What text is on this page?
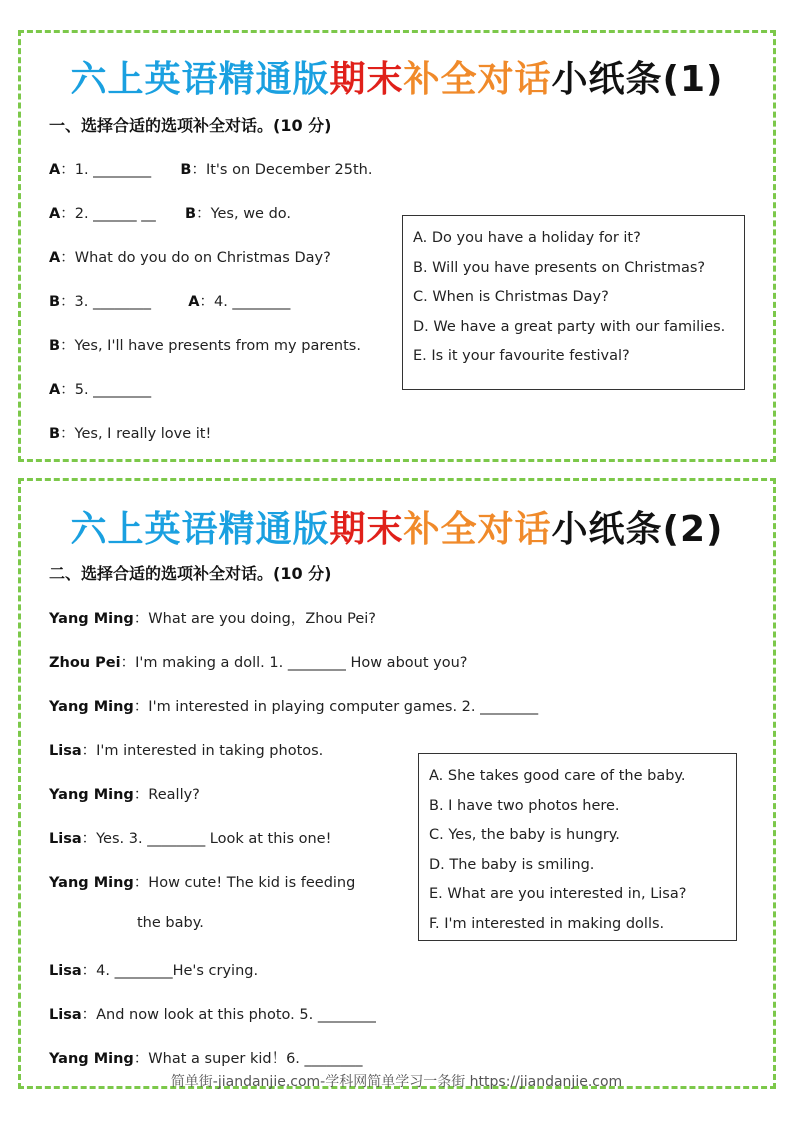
六上英语精通版期末补全对话小纸条(1)
一、选择合适的选项补全对话。(10 分)
A：1. ________ B：It's on December 25th.
A：2. ______ __ B：Yes, we do.
A：What do you do on Christmas Day?
B：3. ________	A：4. ________
B：Yes, I'll have presents from my parents.
A：5. ________
B：Yes, I really love it!
A. Do you have a holiday for it?
B. Will you have presents on Christmas?
C. When is Christmas Day?
D. We have a great party with our families.
E. Is it your favourite festival?
六上英语精通版期末补全对话小纸条(2)
二、选择合适的选项补全对话。(10 分)
Yang Ming：What are you doing，Zhou Pei?
Zhou Pei：I'm making a doll. 1. ________ How about you?
Yang Ming：I'm interested in playing computer games. 2. ________
Lisa：I'm interested in taking photos.
Yang Ming：Really?
Lisa：Yes. 3. ________ Look at this one!
Yang Ming：How cute! The kid is feeding
the baby.
Lisa：4. ________He's crying.
Lisa：And now look at this photo. 5. ________
Yang Ming：What a super kid！6. ________
A. She takes good care of the baby.
B. I have two photos here.
C. Yes, the baby is hungry.
D. The baby is smiling.
E. What are you interested in, Lisa?
F. I'm interested in making dolls.
简单街-jiandanjie.com-学科网简单学习一条街 https://jiandanjie.com
